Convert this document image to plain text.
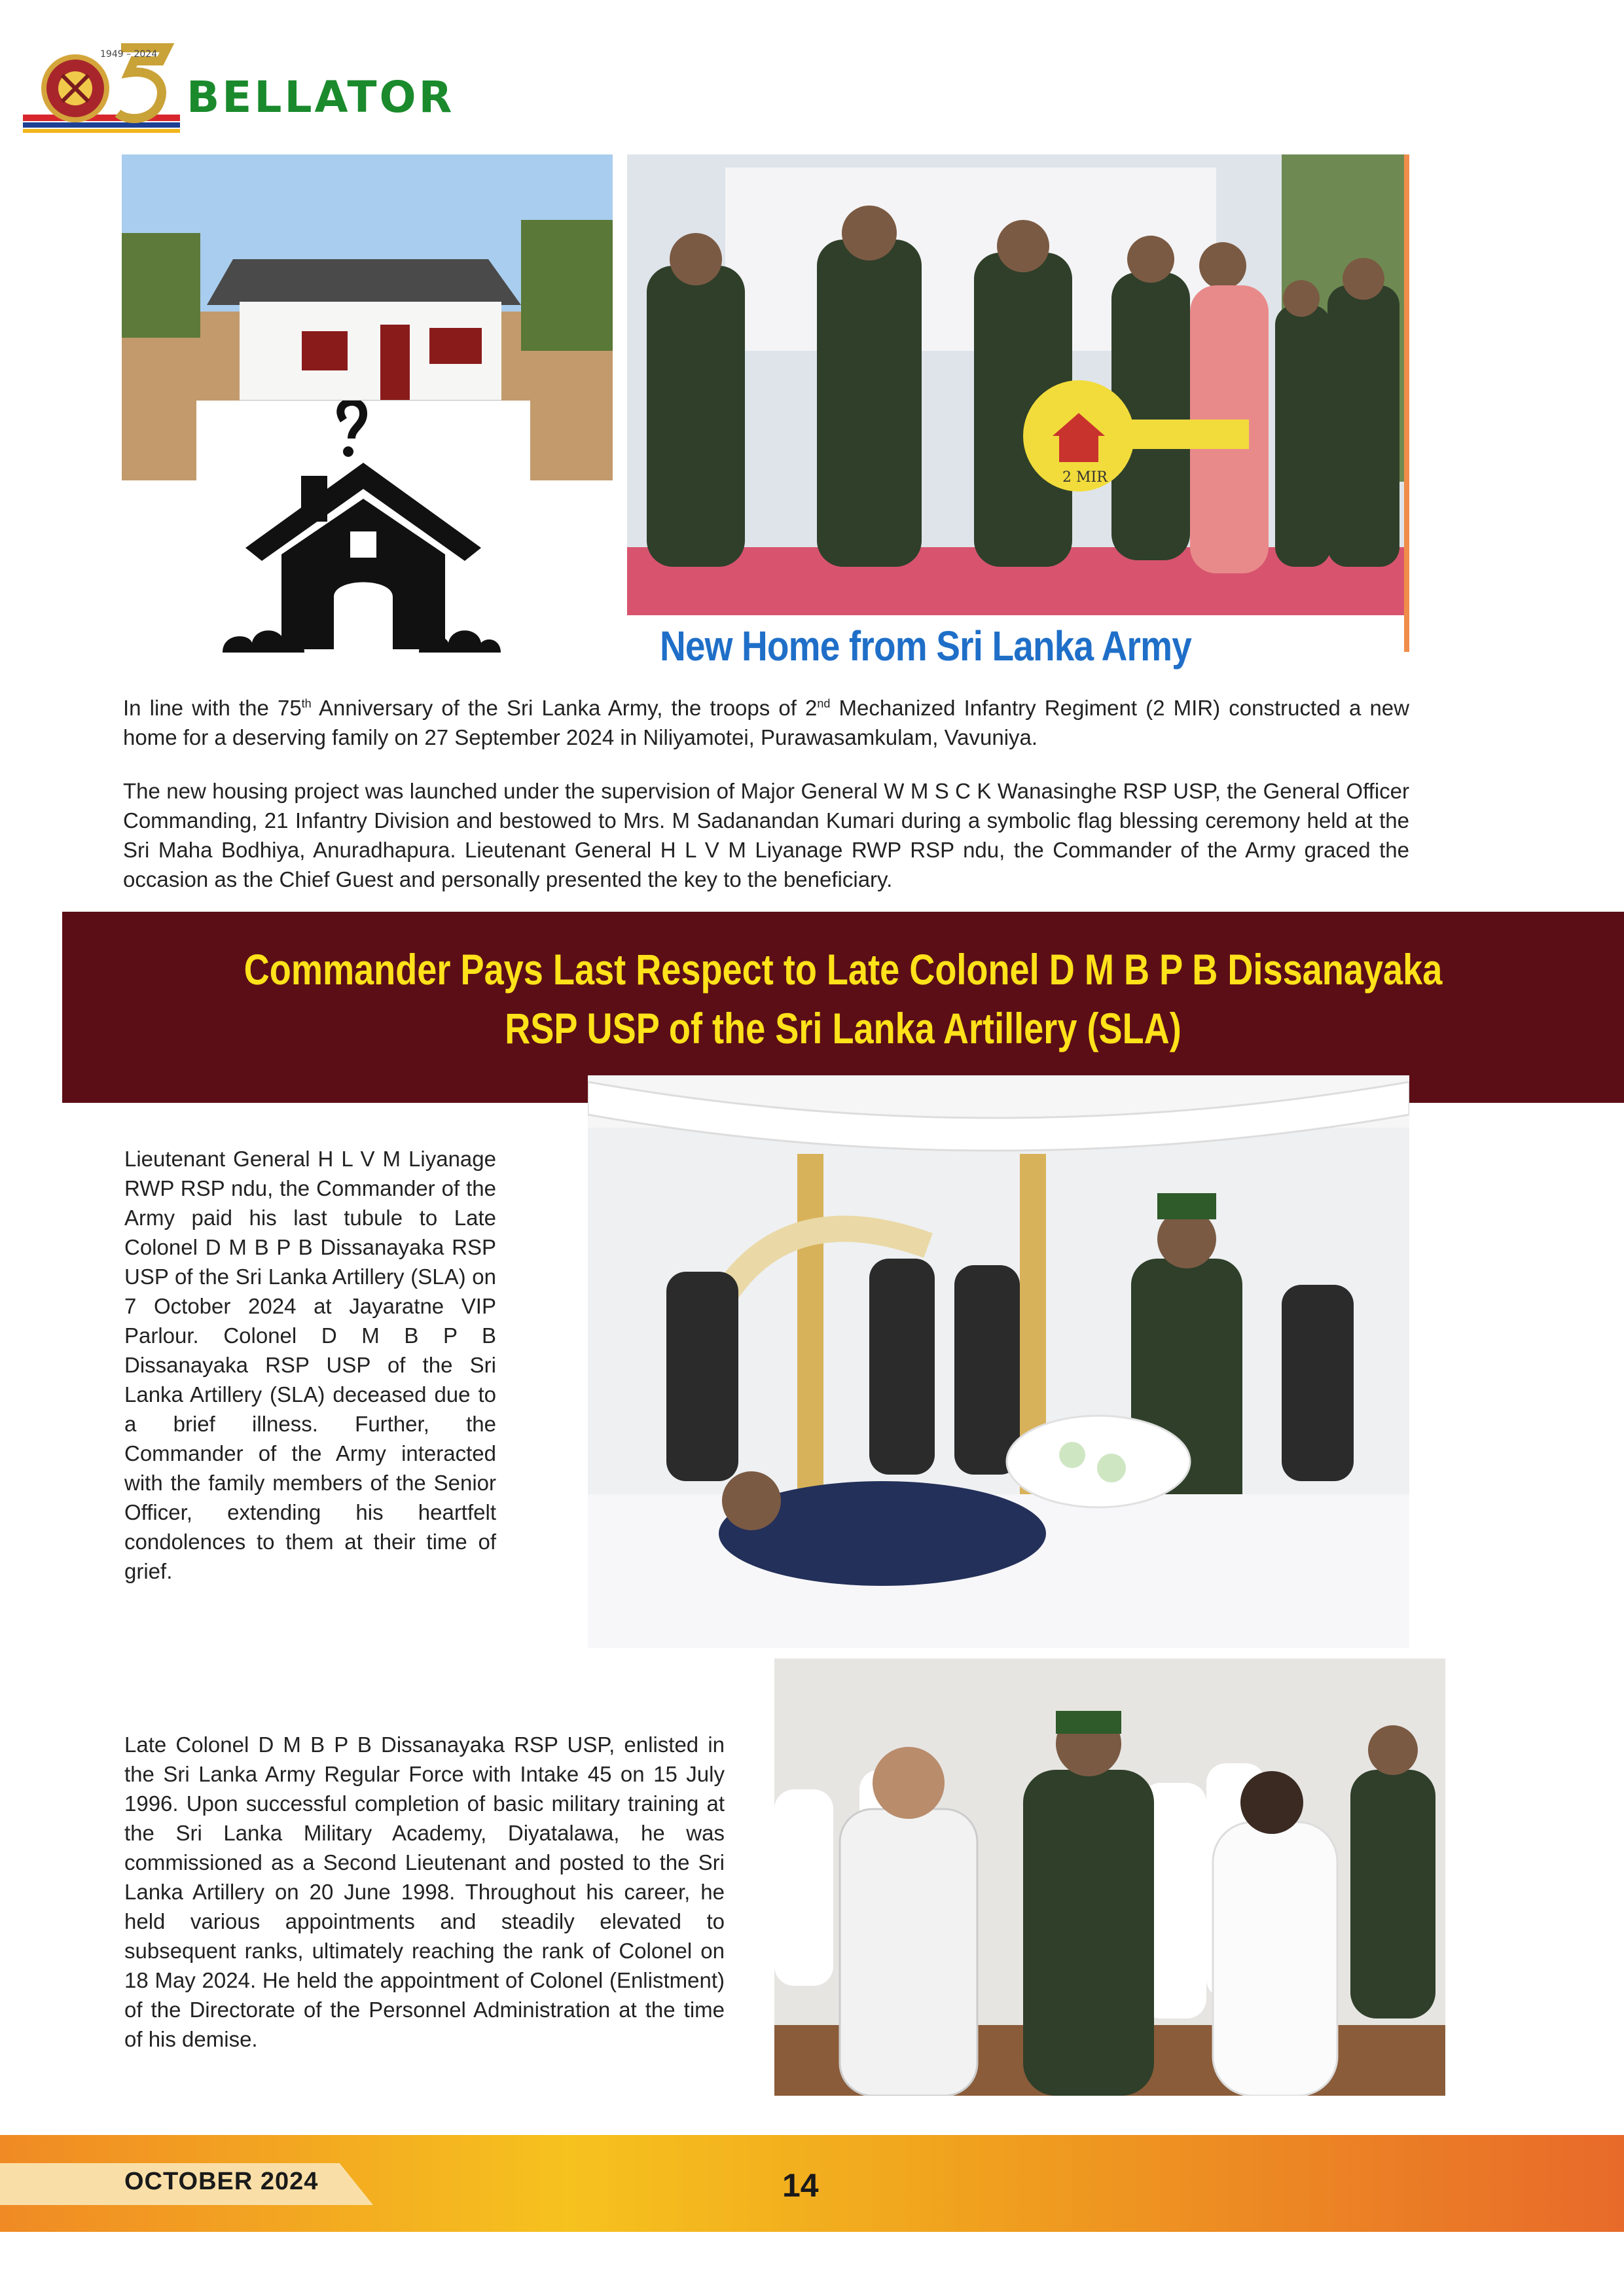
1949 – 2024
BELLATOR
2 MIR
New Home from Sri Lanka Army
In line with the 75th Anniversary of the Sri Lanka Army, the troops of 2nd Mechanized Infantry Regiment (2 MIR) constructed a new home for a deserving family on 27 September 2024 in Niliyamotei, Purawasamkulam, Vavuniya.
The new housing project was launched under the supervision of Major General W M S C K Wanasinghe RSP USP, the General Officer Commanding, 21 Infantry Division and bestowed to Mrs. M Sadanandan Kumari during a symbolic flag blessing ceremony held at the Sri Maha Bodhiya, Anuradhapura. Lieutenant General H L V M Liyanage RWP RSP ndu, the Commander of the Army graced the occasion as the Chief Guest and personally presented the key to the beneficiary.
Commander Pays Last Respect to Late Colonel D M B P B Dissanayaka
RSP USP of the Sri Lanka Artillery (SLA)
Lieutenant General H L V M Liyanage RWP RSP ndu, the Commander of the Army paid his last tubule to Late Colonel D M B P B Dissanayaka RSP USP of the Sri Lanka Artillery (SLA) on 7 October 2024 at Jayaratne VIP Parlour. Colonel D M B P B Dissanayaka RSP USP of the Sri Lanka Artillery (SLA) deceased due to a brief illness. Further, the Commander of the Army interacted with the family members of the Senior Officer, extending his heartfelt condolences to them at their time of grief.
Late Colonel D M B P B Dissanayaka RSP USP, enlisted in the Sri Lanka Army Regular Force with Intake 45 on 15 July 1996. Upon successful completion of basic military training at the Sri Lanka Military Academy, Diyatalawa, he was commissioned as a Second Lieutenant and posted to the Sri Lanka Artillery on 20 June 1998. Throughout his career, he held various appointments and steadily elevated to subsequent ranks, ultimately reaching the rank of Colonel on 18 May 2024. He held the appointment of Colonel (Enlistment) of the Directorate of the Personnel Administration at the time of his demise.
OCTOBER 2024	14
